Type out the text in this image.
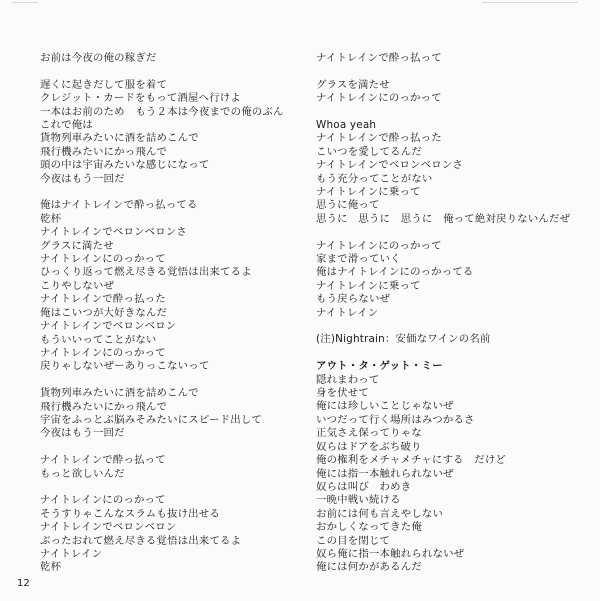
お前は今夜の俺の稼ぎだ
遅くに起きだして服を着て
クレジット・カードをもって酒屋へ行けよ
一本はお前のため　もう２本は今夜までの俺のぶん
これで俺は
貨物列車みたいに酒を詰めこんで
飛行機みたいにかっ飛んで
頭の中は宇宙みたいな感じになって
今夜はもう一回だ
俺はナイトレインで酔っ払ってる
乾杯
ナイトレインでベロンベロンさ
グラスに満たせ
ナイトレインにのっかって
ひっくり返って燃え尽きる覚悟は出来てるよ
こりやしないぜ
ナイトレインで酔っ払った
俺はこいつが大好きなんだ
ナイトレインでベロンベロン
もういいってことがない
ナイトレインにのっかって
戻りゃしないぜーありっこないって
貨物列車みたいに酒を詰めこんで
飛行機みたいにかっ飛んで
宇宙をふっとぶ脳みそみたいにスピード出して
今夜はもう一回だ
ナイトレインで酔っ払って
もっと欲しいんだ
ナイトレインにのっかって
そうすりゃこんなスラムも抜け出せる
ナイトレインでベロンベロン
ぶったおれて燃え尽きる覚悟は出来てるよ
ナイトレイン
乾杯
ナイトレインで酔っ払って
グラスを満たせ
ナイトレインにのっかって
Whoa yeah
ナイトレインで酔っ払った
こいつを愛してるんだ
ナイトレインでベロンベロンさ
もう充分ってことがない
ナイトレインに乗って
思うに俺って
思うに　思うに　思うに　俺って絶対戻りないんだぜ
ナイトレインにのっかって
家まで滑っていく
俺はナイトレインにのっかってる
ナイトレインに乗って
もう戻らないぜ
ナイトレイン
(注)Nightrain：安価なワインの名前
アウト・タ・ゲット・ミー
隠れまわって
身を伏せて
俺には珍しいことじゃないぜ
いつだって行く場所はみつかるさ
正気さえ保ってりゃな
奴らはドアをぶち破り
俺の権利をメチャメチャにする　だけど
俺には指一本触れられないぜ
奴らは叫び　わめき
一晩中戦い続ける
お前には何も言えやしない
おかしくなってきた俺
この目を閉じて
奴ら俺に指一本触れられないぜ
俺には何かがあるんだ
12
